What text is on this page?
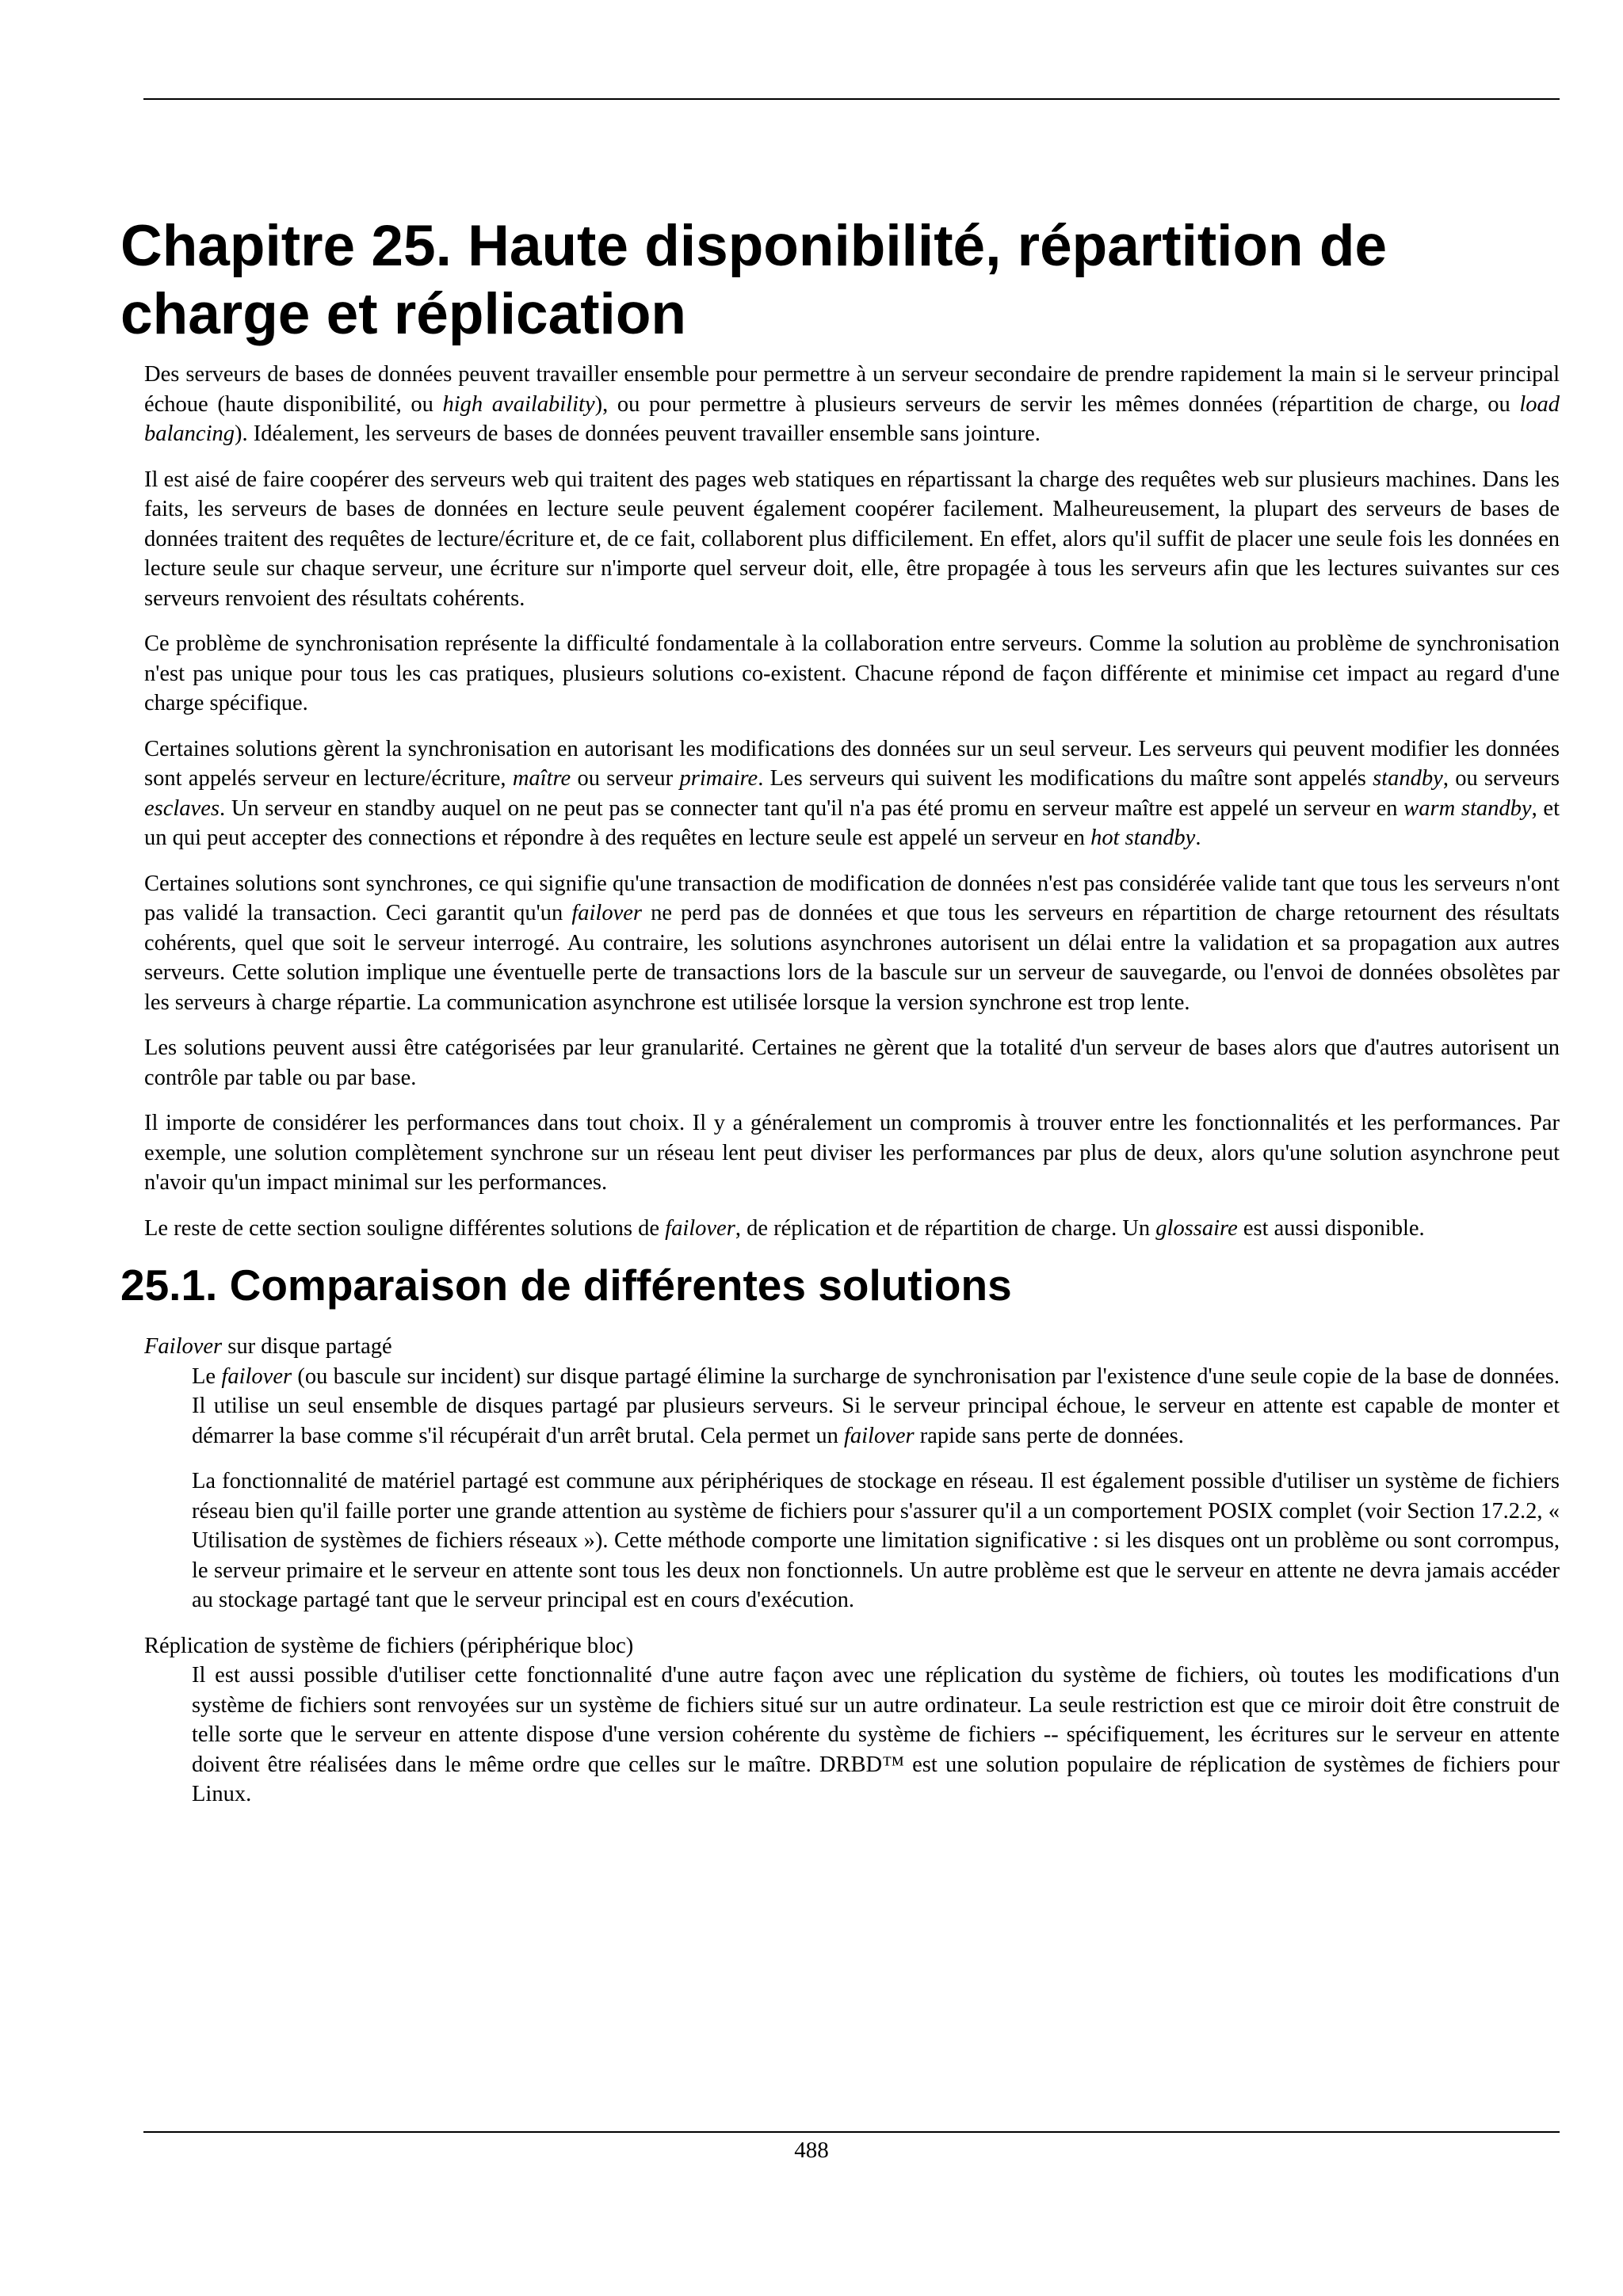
Chapitre 25. Haute disponibilité, répartition de charge et réplication

Des serveurs de bases de données peuvent travailler ensemble pour permettre à un serveur secondaire de prendre rapidement la main si le serveur principal échoue (haute disponibilité, ou high availability), ou pour permettre à plusieurs serveurs de servir les mêmes données (répartition de charge, ou load balancing). Idéalement, les serveurs de bases de données peuvent travailler ensemble sans jointure.

Il est aisé de faire coopérer des serveurs web qui traitent des pages web statiques en répartissant la charge des requêtes web sur plusieurs machines. Dans les faits, les serveurs de bases de données en lecture seule peuvent également coopérer facilement. Malheureusement, la plupart des serveurs de bases de données traitent des requêtes de lecture/écriture et, de ce fait, collaborent plus difficilement. En effet, alors qu'il suffit de placer une seule fois les données en lecture seule sur chaque serveur, une écriture sur n'importe quel serveur doit, elle, être propagée à tous les serveurs afin que les lectures suivantes sur ces serveurs renvoient des résultats cohérents.

Ce problème de synchronisation représente la difficulté fondamentale à la collaboration entre serveurs. Comme la solution au problème de synchronisation n'est pas unique pour tous les cas pratiques, plusieurs solutions co-existent. Chacune répond de façon différente et minimise cet impact au regard d'une charge spécifique.

Certaines solutions gèrent la synchronisation en autorisant les modifications des données sur un seul serveur. Les serveurs qui peuvent modifier les données sont appelés serveur en lecture/écriture, maître ou serveur primaire. Les serveurs qui suivent les modifications du maître sont appelés standby, ou serveurs esclaves. Un serveur en standby auquel on ne peut pas se connecter tant qu'il n'a pas été promu en serveur maître est appelé un serveur en warm standby, et un qui peut accepter des connections et répondre à des requêtes en lecture seule est appelé un serveur en hot standby.

Certaines solutions sont synchrones, ce qui signifie qu'une transaction de modification de données n'est pas considérée valide tant que tous les serveurs n'ont pas validé la transaction. Ceci garantit qu'un failover ne perd pas de données et que tous les serveurs en répartition de charge retournent des résultats cohérents, quel que soit le serveur interrogé. Au contraire, les solutions asynchrones autorisent un délai entre la validation et sa propagation aux autres serveurs. Cette solution implique une éventuelle perte de transactions lors de la bascule sur un serveur de sauvegarde, ou l'envoi de données obsolètes par les serveurs à charge répartie. La communication asynchrone est utilisée lorsque la version synchrone est trop lente.

Les solutions peuvent aussi être catégorisées par leur granularité. Certaines ne gèrent que la totalité d'un serveur de bases alors que d'autres autorisent un contrôle par table ou par base.

Il importe de considérer les performances dans tout choix. Il y a généralement un compromis à trouver entre les fonctionnalités et les performances. Par exemple, une solution complètement synchrone sur un réseau lent peut diviser les performances par plus de deux, alors qu'une solution asynchrone peut n'avoir qu'un impact minimal sur les performances.

Le reste de cette section souligne différentes solutions de failover, de réplication et de répartition de charge. Un glossaire est aussi disponible.

25.1. Comparaison de différentes solutions
Failover sur disque partagé

Le failover (ou bascule sur incident) sur disque partagé élimine la surcharge de synchronisation par l'existence d'une seule copie de la base de données. Il utilise un seul ensemble de disques partagé par plusieurs serveurs. Si le serveur principal échoue, le serveur en attente est capable de monter et démarrer la base comme s'il récupérait d'un arrêt brutal. Cela permet un failover rapide sans perte de données.

La fonctionnalité de matériel partagé est commune aux périphériques de stockage en réseau. Il est également possible d'utiliser un système de fichiers réseau bien qu'il faille porter une grande attention au système de fichiers pour s'assurer qu'il a un comportement POSIX complet (voir Section 17.2.2, « Utilisation de systèmes de fichiers réseaux »). Cette méthode comporte une limitation significative : si les disques ont un problème ou sont corrompus, le serveur primaire et le serveur en attente sont tous les deux non fonctionnels. Un autre problème est que le serveur en attente ne devra jamais accéder au stockage partagé tant que le serveur principal est en cours d'exécution.

Réplication de système de fichiers (périphérique bloc)

Il est aussi possible d'utiliser cette fonctionnalité d'une autre façon avec une réplication du système de fichiers, où toutes les modifications d'un système de fichiers sont renvoyées sur un système de fichiers situé sur un autre ordinateur. La seule restriction est que ce miroir doit être construit de telle sorte que le serveur en attente dispose d'une version cohérente du système de fichiers -- spécifiquement, les écritures sur le serveur en attente doivent être réalisées dans le même ordre que celles sur le maître. DRBD™ est une solution populaire de réplication de systèmes de fichiers pour Linux.

488
